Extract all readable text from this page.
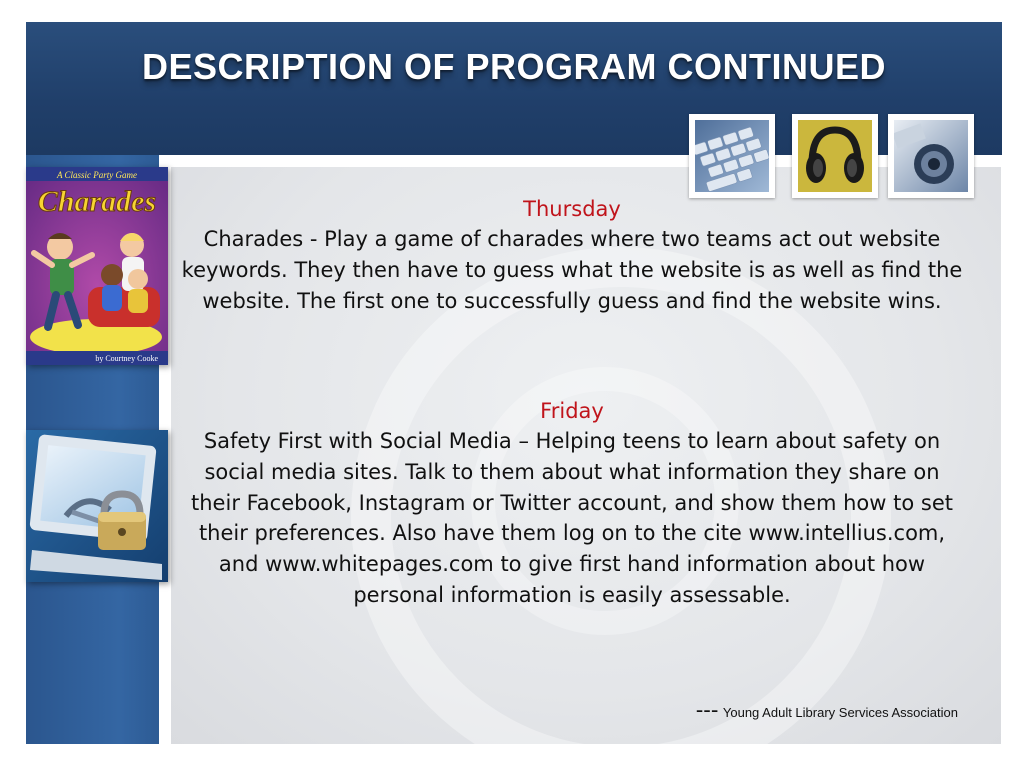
DESCRIPTION OF PROGRAM CONTINUED
A Classic Party Game
Charades
by Courtney Cooke

Thursday

Charades - Play a game of charades where two teams act out website keywords. They then have to guess what the website is as well as find the website. The first one to successfully guess and find the website wins.

Friday

Safety First with Social Media – Helping teens to learn about safety on social media sites. Talk to them about what information they share on their Facebook, Instagram or Twitter account, and show them how to set their preferences. Also have them log on to the cite www.intellius.com, and www.whitepages.com to give first hand information about how personal information is easily assessable.

--- Young Adult Library Services Association
